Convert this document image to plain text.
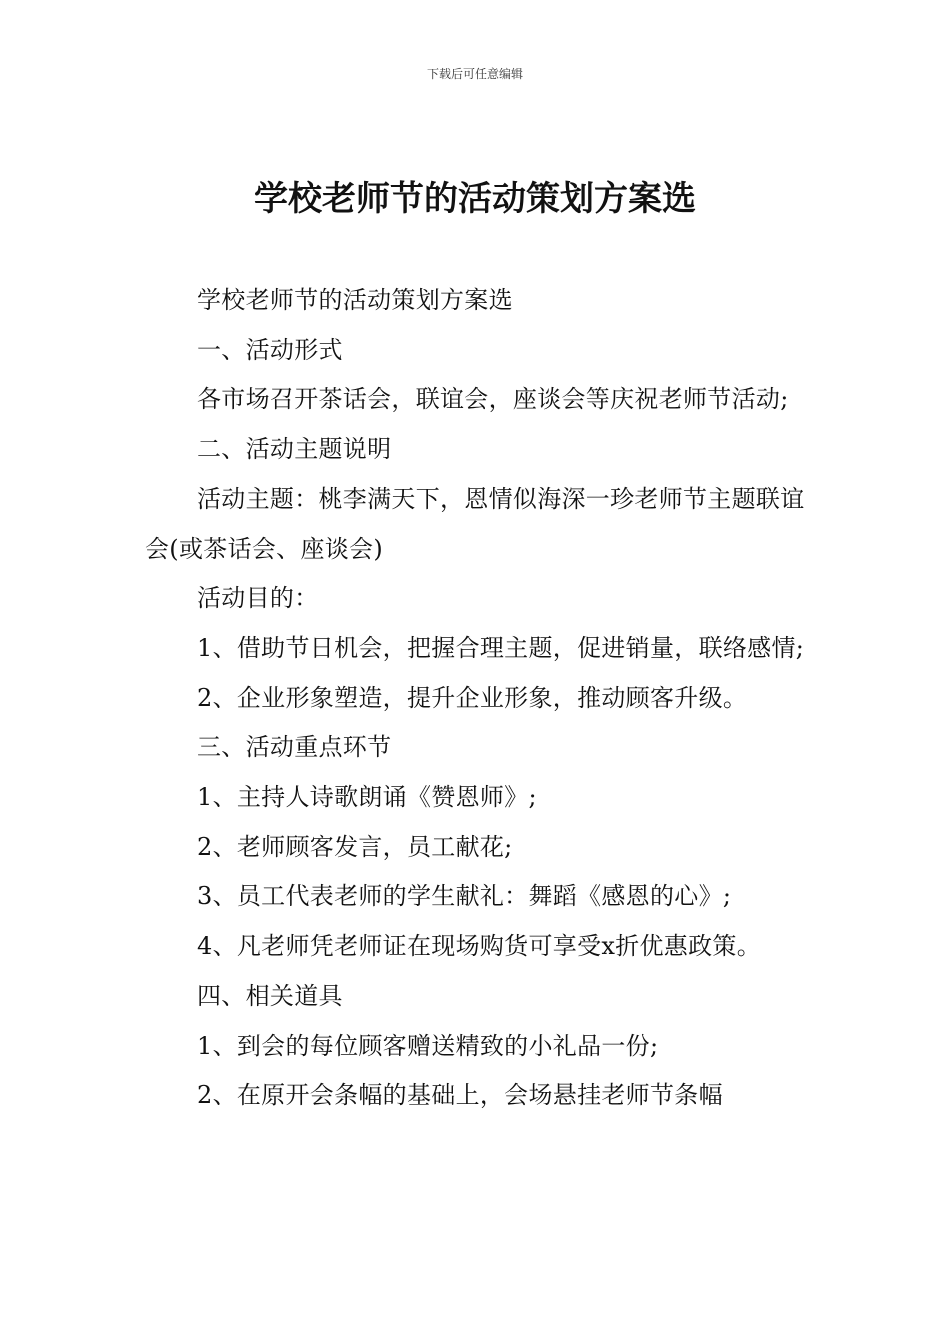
下载后可任意编辑
学校老师节的活动策划方案选

学校老师节的活动策划方案选

一、活动形式

各市场召开茶话会，联谊会，座谈会等庆祝老师节活动;

二、活动主题说明

活动主题：桃李满天下，恩情似海深一珍老师节主题联谊会(或茶话会、座谈会)

活动目的：

1、借助节日机会，把握合理主题，促进销量，联络感情;

2、企业形象塑造，提升企业形象，推动顾客升级。

三、活动重点环节

1、主持人诗歌朗诵《赞恩师》;

2、老师顾客发言，员工献花;

3、员工代表老师的学生献礼：舞蹈《感恩的心》;

4、凡老师凭老师证在现场购货可享受x折优惠政策。

四、相关道具

1、到会的每位顾客赠送精致的小礼品一份;

2、在原开会条幅的基础上，会场悬挂老师节条幅
